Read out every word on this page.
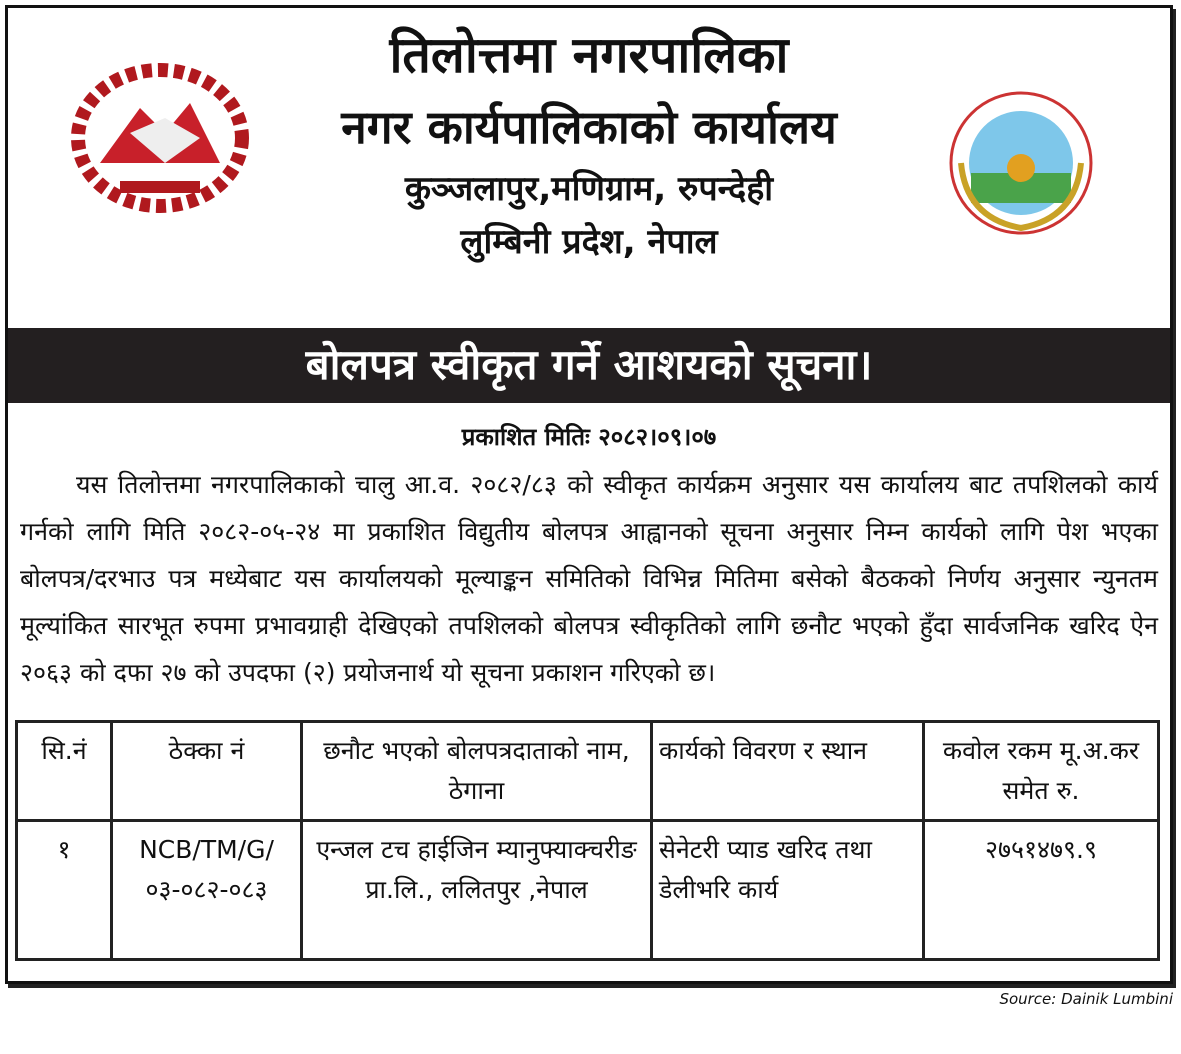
तिलोत्तमा नगरपालिका
नगर कार्यपालिकाको कार्यालय
कुञ्जलापुर,मणिग्राम, रुपन्देही
लुम्बिनी प्रदेश, नेपाल
बोलपत्र स्वीकृत गर्ने आशयको सूचना।
प्रकाशित मितिः २०८२।०९।०७
यस तिलोत्तमा नगरपालिकाको चालु आ.व. २०८२/८३ को स्वीकृत कार्यक्रम अनुसार यस कार्यालय बाट तपशिलको कार्य गर्नको लागि मिति २०८२-०५-२४ मा प्रकाशित विद्युतीय बोलपत्र आह्वानको सूचना अनुसार निम्न कार्यको लागि पेश भएका बोलपत्र/दरभाउ पत्र मध्येबाट यस कार्यालयको मूल्याङ्कन समितिको विभिन्न मितिमा बसेको बैठकको निर्णय अनुसार न्युनतम मूल्यांकित सारभूत रुपमा प्रभावग्राही देखिएको तपशिलको बोलपत्र स्वीकृतिको लागि छनौट भएको हुँदा सार्वजनिक खरिद ऐन २०६३ को दफा २७ को उपदफा (२) प्रयोजनार्थ यो सूचना प्रकाशन गरिएको छ।
सि.नं	ठेक्का नं	छनौट भएको बोलपत्रदाताको नाम, ठेगाना	कार्यको विवरण र स्थान	कवोल रकम मू.अ.कर समेत रु.
१	NCB/TM/G/ ०३-०८२-०८३	एन्जल टच हाईजिन म्यानुफ्याक्चरीङ प्रा.लि., ललितपुर ,नेपाल	सेनेटरी प्याड खरिद तथा डेलीभरि कार्य	२७५१४७९.९
Source: Dainik Lumbini
